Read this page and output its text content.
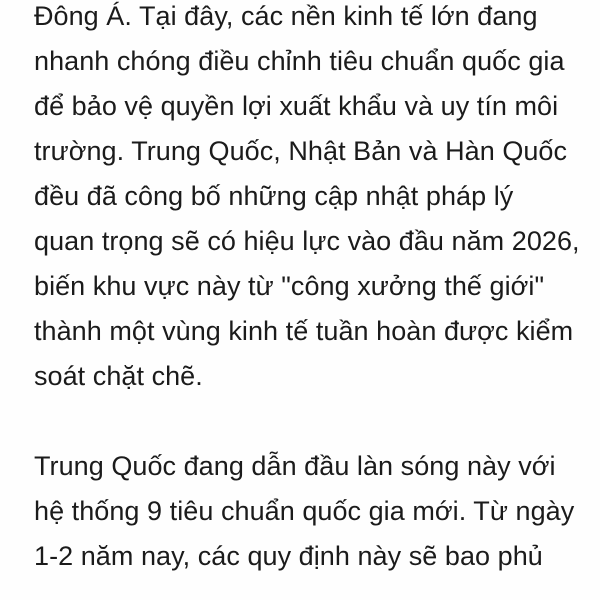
Đông Á. Tại đây, các nền kinh tế lớn đang

nhanh chóng điều chỉnh tiêu chuẩn quốc gia

để bảo vệ quyền lợi xuất khẩu và uy tín môi

trường. Trung Quốc, Nhật Bản và Hàn Quốc

đều đã công bố những cập nhật pháp lý

quan trọng sẽ có hiệu lực vào đầu năm 2026,

biến khu vực này từ "công xưởng thế giới"

thành một vùng kinh tế tuần hoàn được kiểm

soát chặt chẽ.

Trung Quốc đang dẫn đầu làn sóng này với

hệ thống 9 tiêu chuẩn quốc gia mới. Từ ngày

1-2 năm nay, các quy định này sẽ bao phủ
